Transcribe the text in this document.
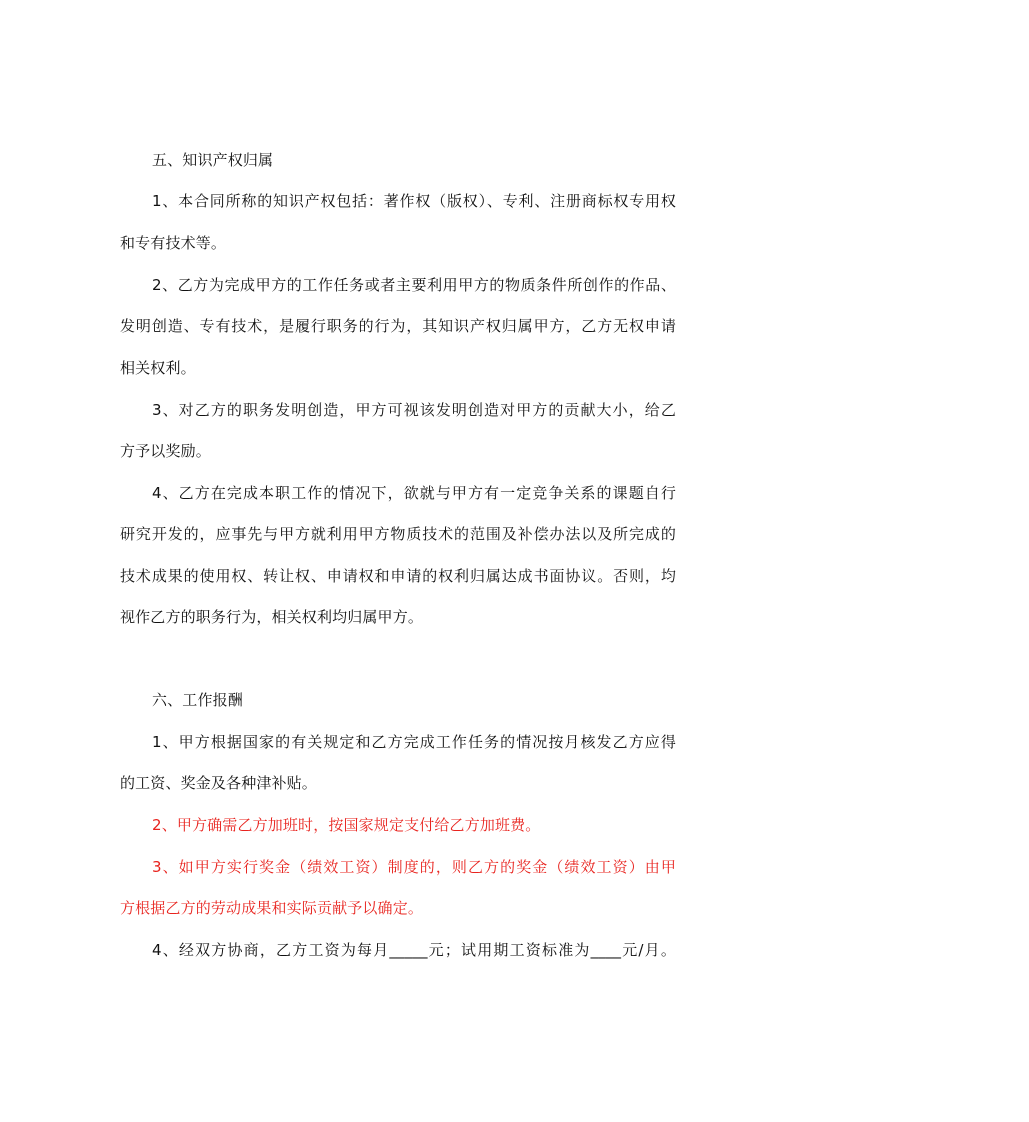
五、知识产权归属
1、本合同所称的知识产权包括：著作权（版权）、专利、注册商标权专用权
和专有技术等。
2、乙方为完成甲方的工作任务或者主要利用甲方的物质条件所创作的作品、
发明创造、专有技术，是履行职务的行为，其知识产权归属甲方，乙方无权申请
相关权利。
3、对乙方的职务发明创造，甲方可视该发明创造对甲方的贡献大小，给乙
方予以奖励。
4、乙方在完成本职工作的情况下，欲就与甲方有一定竞争关系的课题自行
研究开发的，应事先与甲方就利用甲方物质技术的范围及补偿办法以及所完成的
技术成果的使用权、转让权、申请权和申请的权利归属达成书面协议。否则，均
视作乙方的职务行为，相关权利均归属甲方。
六、工作报酬
1、甲方根据国家的有关规定和乙方完成工作任务的情况按月核发乙方应得
的工资、奖金及各种津补贴。
2、甲方确需乙方加班时，按国家规定支付给乙方加班费。
3、如甲方实行奖金（绩效工资）制度的，则乙方的奖金（绩效工资）由甲
方根据乙方的劳动成果和实际贡献予以确定。
4、经双方协商，乙方工资为每月_____元；试用期工资标准为____元/月。
